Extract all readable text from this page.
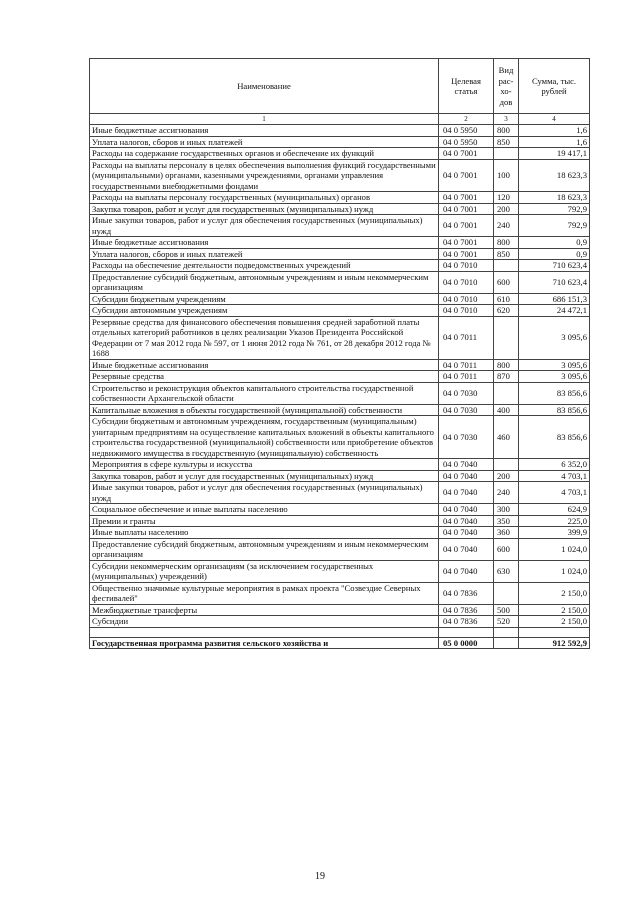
Наименование	Целевая статья	Вид рас-хо-дов	Сумма, тыс. рублей
1	2	3	4
Иные бюджетные ассигнования	04 0 5950	800	1,6
Уплата налогов, сборов и иных платежей	04 0 5950	850	1,6
Расходы на содержание государственных органов и обеспечение их функций	04 0 7001		19 417,1
Расходы на выплаты персоналу в целях обеспечения выполнения функций государственными (муниципальными) органами, казенными учреждениями, органами управления государственными внебюджетными фондами	04 0 7001	100	18 623,3
Расходы на выплаты персоналу государственных (муниципальных) органов	04 0 7001	120	18 623,3
Закупка товаров, работ и услуг для государственных (муниципальных) нужд	04 0 7001	200	792,9
Иные закупки товаров, работ и услуг для обеспечения государственных (муниципальных) нужд	04 0 7001	240	792,9
Иные бюджетные ассигнования	04 0 7001	800	0,9
Уплата налогов, сборов и иных платежей	04 0 7001	850	0,9
Расходы на обеспечение деятельности подведомственных учреждений	04 0 7010		710 623,4
Предоставление субсидий бюджетным, автономным учреждениям и иным некоммерческим организациям	04 0 7010	600	710 623,4
Субсидии бюджетным учреждениям	04 0 7010	610	686 151,3
Субсидии автономным учреждениям	04 0 7010	620	24 472,1
Резервные средства для финансового обеспечения повышения средней заработной платы отдельных категорий работников в целях реализации Указов Президента Российской Федерации от 7 мая 2012 года № 597, от 1 июня 2012 года № 761, от 28 декабря 2012 года № 1688	04 0 7011		3 095,6
Иные бюджетные ассигнования	04 0 7011	800	3 095,6
Резервные средства	04 0 7011	870	3 095,6
Строительство и реконструкция объектов капитального строительства государственной собственности Архангельской области	04 0 7030		83 856,6
Капитальные вложения в объекты государственной (муниципальной) собственности	04 0 7030	400	83 856,6
Субсидии бюджетным и автономным учреждениям, государственным (муниципальным) унитарным предприятиям на осуществление капитальных вложений в объекты капитального строительства государственной (муниципальной) собственности или приобретение объектов недвижимого имущества в государственную (муниципальную) собственность	04 0 7030	460	83 856,6
Мероприятия в сфере культуры и искусства	04 0 7040		6 352,0
Закупка товаров, работ и услуг для государственных (муниципальных) нужд	04 0 7040	200	4 703,1
Иные закупки товаров, работ и услуг для обеспечения государственных (муниципальных) нужд	04 0 7040	240	4 703,1
Социальное обеспечение и иные выплаты населению	04 0 7040	300	624,9
Премии и гранты	04 0 7040	350	225,0
Иные выплаты населению	04 0 7040	360	399,9
Предоставление субсидий бюджетным, автономным учреждениям и иным некоммерческим организациям	04 0 7040	600	1 024,0
Субсидии некоммерческим организациям (за исключением государственных (муниципальных) учреждений)	04 0 7040	630	1 024,0
Общественно значимые культурные мероприятия в рамках проекта "Созвездие Северных фестивалей"	04 0 7836		2 150,0
Межбюджетные трансферты	04 0 7836	500	2 150,0
Субсидии	04 0 7836	520	2 150,0

Государственная программа развития сельского хозяйства и	05 0 0000		912 592,9
19
